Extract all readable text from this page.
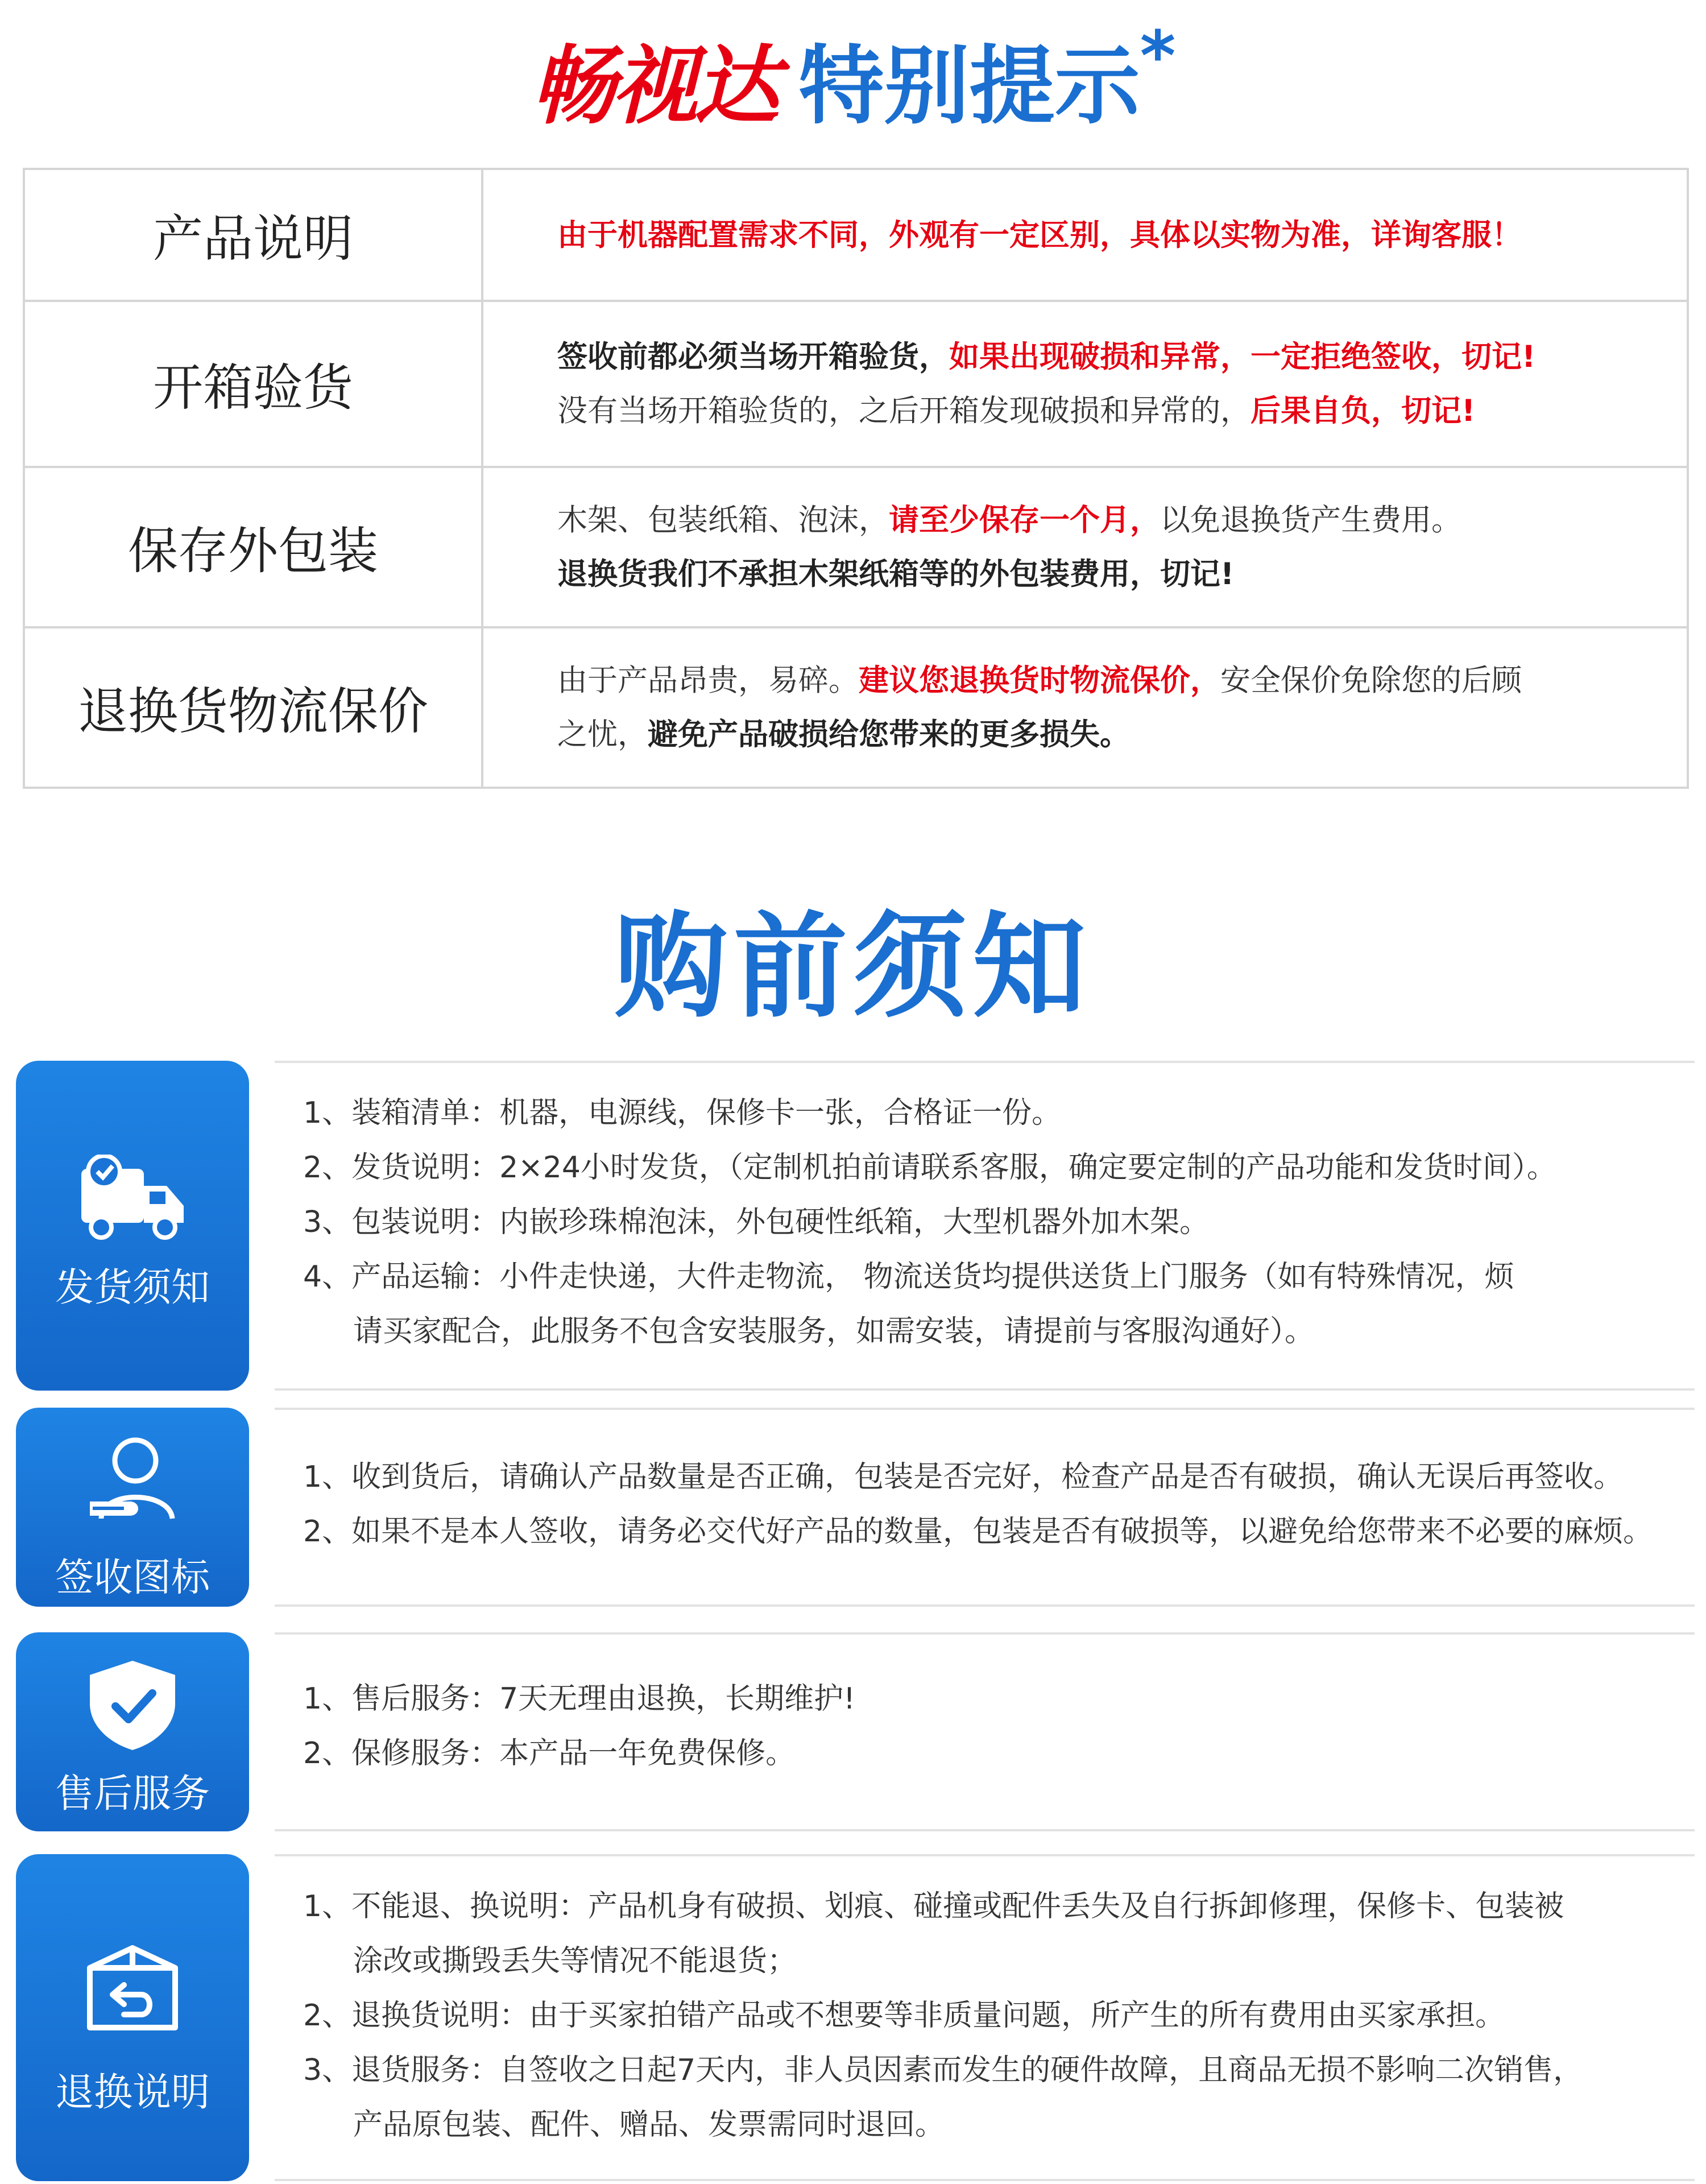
畅视达 特别提示*
产品说明	由于机器配置需求不同，外观有一定区别，具体以实物为准，详询客服！

开箱验货	签收前都必须当场开箱验货，如果出现破损和异常，一定拒绝签收，切记!
没有当场开箱验货的，之后开箱发现破损和异常的，后果自负，切记!

保存外包装	木架、包装纸箱、泡沫，请至少保存一个月，以免退换货产生费用。
退换货我们不承担木架纸箱等的外包装费用，切记!

退换货物流保价	由于产品昂贵，易碎。建议您退换货时物流保价，安全保价免除您的后顾
之忧，避免产品破损给您带来的更多损失。
购前须知
发货须知
1、装箱清单：机器，电源线，保修卡一张，合格证一份。
2、发货说明：2×24小时发货，（定制机拍前请联系客服，确定要定制的产品功能和发货时间）。
3、包装说明：内嵌珍珠棉泡沫，外包硬性纸箱，大型机器外加木架。
4、产品运输：小件走快递，大件走物流， 物流送货均提供送货上门服务（如有特殊情况，烦
请买家配合，此服务不包含安装服务，如需安装，请提前与客服沟通好）。
签收图标
1、收到货后，请确认产品数量是否正确，包装是否完好，检查产品是否有破损，确认无误后再签收。
2、如果不是本人签收，请务必交代好产品的数量，包装是否有破损等，以避免给您带来不必要的麻烦。
售后服务
1、售后服务：7天无理由退换，长期维护!
2、保修服务：本产品一年免费保修。
退换说明
1、不能退、换说明：产品机身有破损、划痕、碰撞或配件丢失及自行拆卸修理，保修卡、包装被
涂改或撕毁丢失等情况不能退货；
2、退换货说明：由于买家拍错产品或不想要等非质量问题，所产生的所有费用由买家承担。
3、退货服务：自签收之日起7天内，非人员因素而发生的硬件故障，且商品无损不影响二次销售，
产品原包装、配件、赠品、发票需同时退回。
